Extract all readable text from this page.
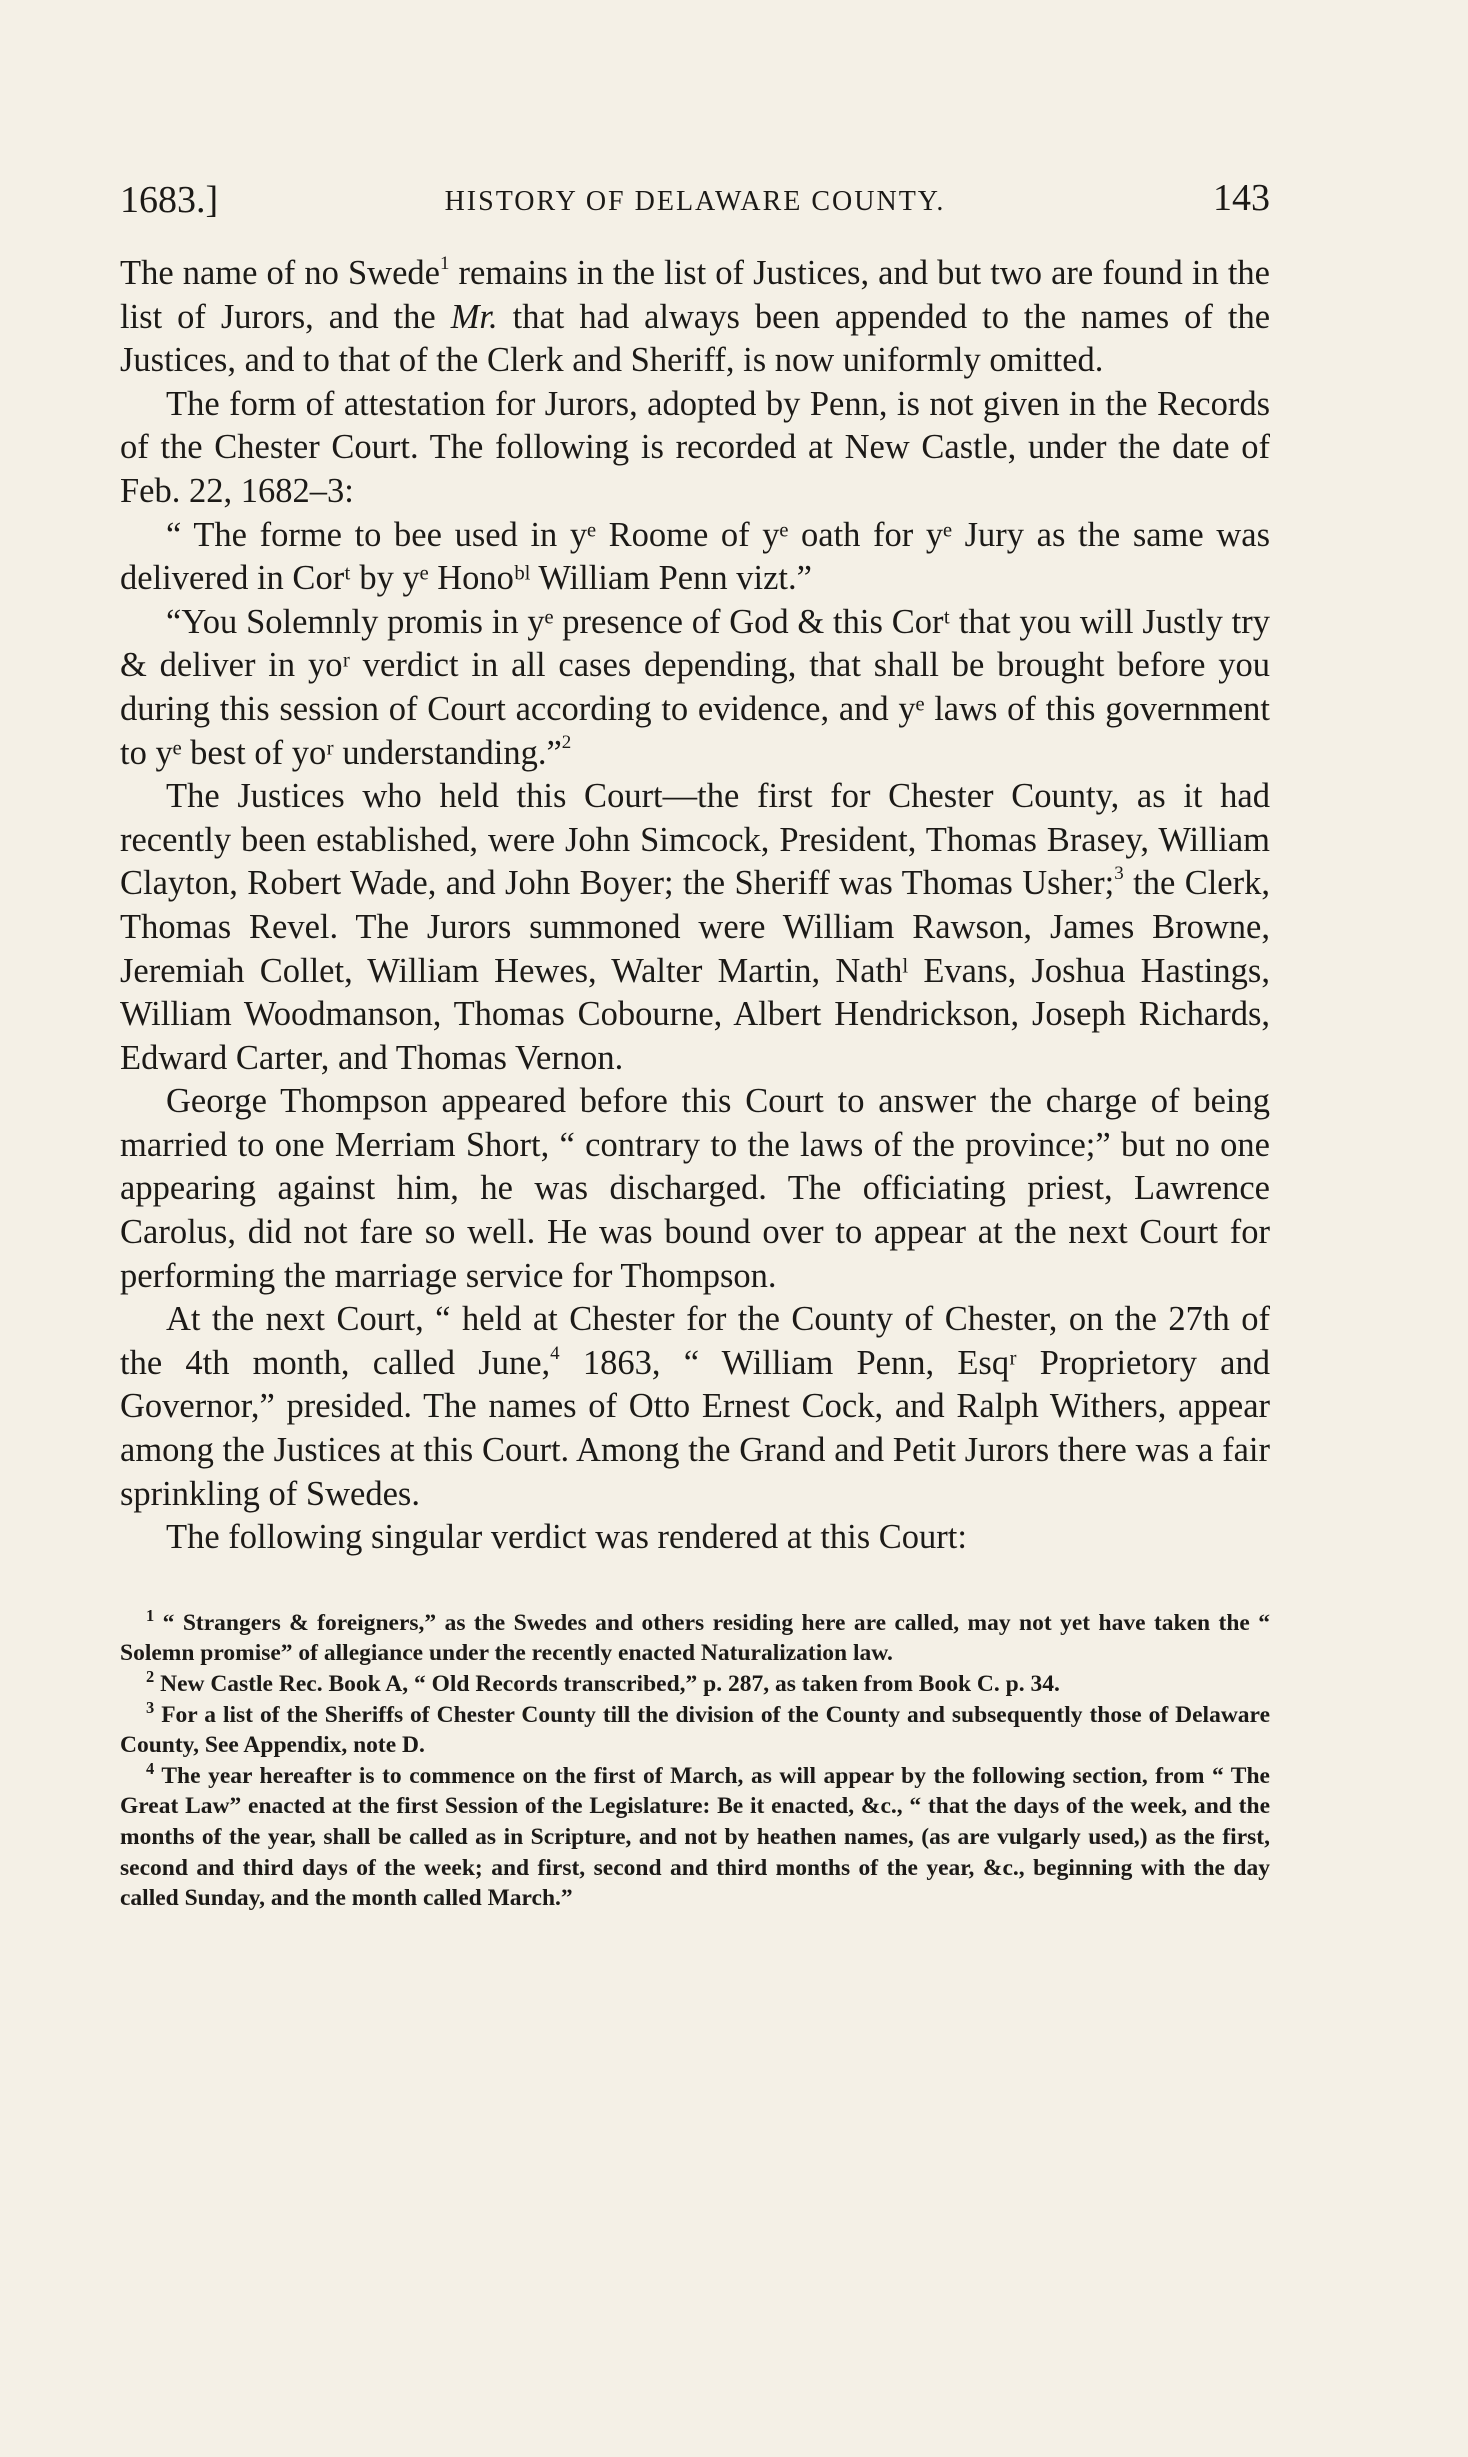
1683.]	HISTORY OF DELAWARE COUNTY.	143

The name of no Swede$^1$ remains in the list of Justices, and but two are found in the list of Jurors, and the Mr. that had always been appended to the names of the Justices, and to that of the Clerk and Sheriff, is now uniformly omitted.

The form of attestation for Jurors, adopted by Penn, is not given in the Records of the Chester Court. The following is recorded at New Castle, under the date of Feb. 22, 1682–3:

“ The forme to bee used in yᵉ Roome of yᵉ oath for yᵉ Jury as the same was delivered in Corᵗ by yᵉ Honoᵇˡ William Penn vizt.”

“You Solemnly promis in yᵉ presence of God & this Corᵗ that you will Justly try & deliver in yoʳ verdict in all cases depending, that shall be brought before you during this session of Court according to evidence, and yᵉ laws of this government to yᵉ best of yoʳ understanding.”$^2$

The Justices who held this Court—the first for Chester County, as it had recently been established, were John Simcock, President, Thomas Brasey, William Clayton, Robert Wade, and John Boyer; the Sheriff was Thomas Usher;$^3$ the Clerk, Thomas Revel. The Jurors summoned were William Rawson, James Browne, Jeremiah Collet, William Hewes, Walter Martin, Nathˡ Evans, Joshua Hastings, William Woodmanson, Thomas Cobourne, Albert Hendrickson, Joseph Richards, Edward Carter, and Thomas Vernon.

George Thompson appeared before this Court to answer the charge of being married to one Merriam Short, “ contrary to the laws of the province;” but no one appearing against him, he was discharged. The officiating priest, Lawrence Carolus, did not fare so well. He was bound over to appear at the next Court for performing the marriage service for Thompson.

At the next Court, “ held at Chester for the County of Chester, on the 27th of the 4th month, called June,$^4$ 1863, “ William Penn, Esqʳ Proprietory and Governor,” presided. The names of Otto Ernest Cock, and Ralph Withers, appear among the Justices at this Court. Among the Grand and Petit Jurors there was a fair sprinkling of Swedes.

The following singular verdict was rendered at this Court:

$^1$ “ Strangers & foreigners,” as the Swedes and others residing here are called, may not yet have taken the “ Solemn promise” of allegiance under the recently enacted Naturalization law.

$^2$ New Castle Rec. Book A, “ Old Records transcribed,” p. 287, as taken from Book C. p. 34.

$^3$ For a list of the Sheriffs of Chester County till the division of the County and subsequently those of Delaware County, See Appendix, note D.

$^4$ The year hereafter is to commence on the first of March, as will appear by the following section, from “ The Great Law” enacted at the first Session of the Legislature: Be it enacted, &c., “ that the days of the week, and the months of the year, shall be called as in Scripture, and not by heathen names, (as are vulgarly used,) as the first, second and third days of the week; and first, second and third months of the year, &c., beginning with the day called Sunday, and the month called March.”
